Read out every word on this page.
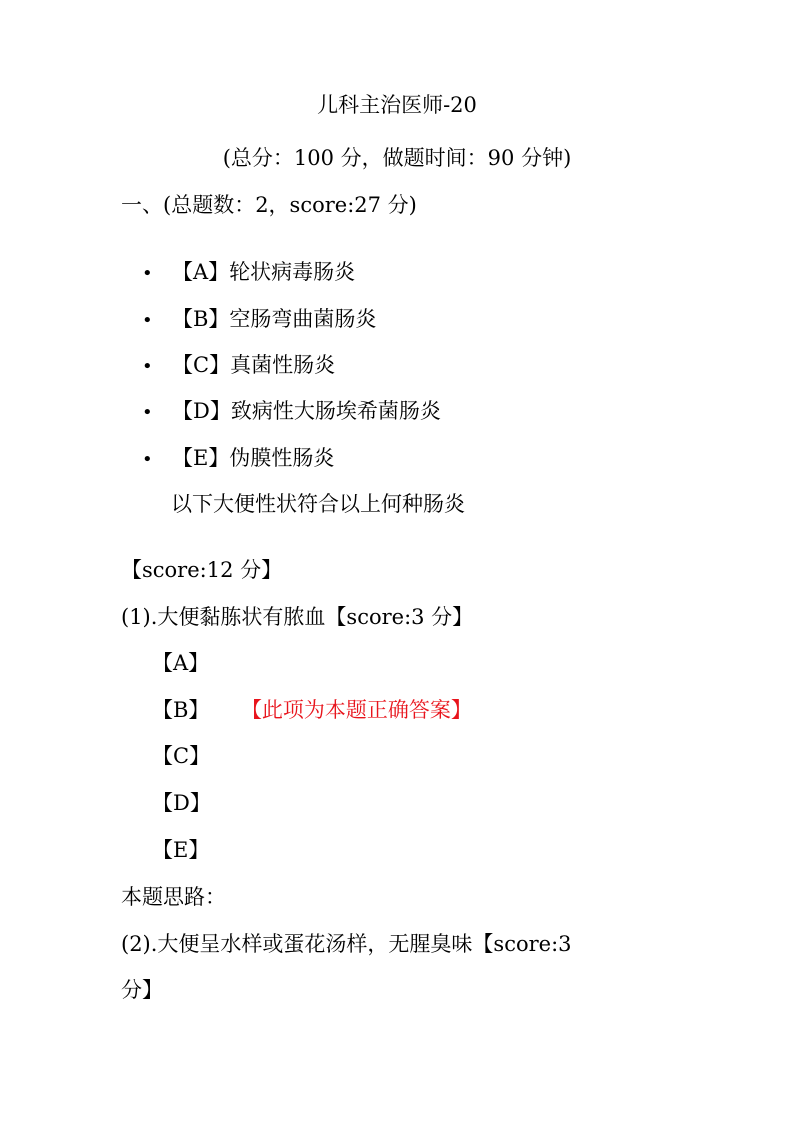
儿科主治医师-20
(总分：100 分，做题时间：90 分钟)
一、(总题数：2，score:27 分)
• 【A】轮状病毒肠炎
• 【B】空肠弯曲菌肠炎
• 【C】真菌性肠炎
• 【D】致病性大肠埃希菌肠炎
• 【E】伪膜性肠炎
以下大便性状符合以上何种肠炎
【score:12 分】
(1).大便黏胨状有脓血【score:3 分】
【A】
【B】 【此项为本题正确答案】
【C】
【D】
【E】
本题思路：
(2).大便呈水样或蛋花汤样，无腥臭味【score:3
分】
